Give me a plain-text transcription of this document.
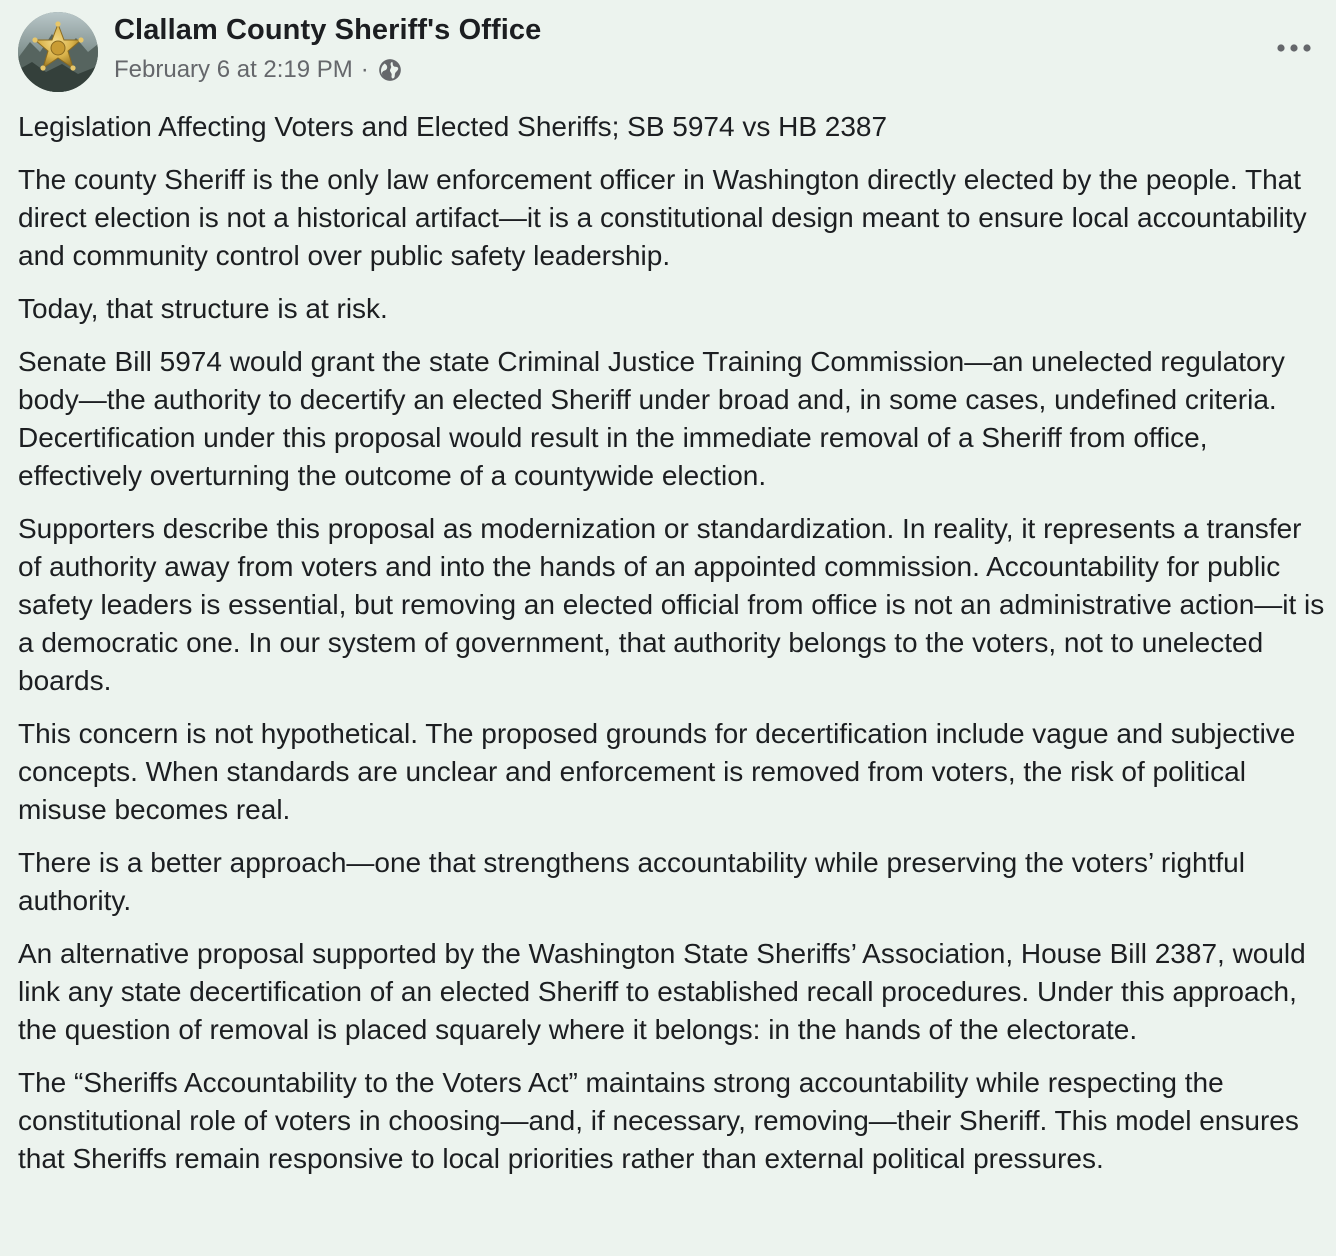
Clallam County Sheriff's Office
February 6 at 2:19 PM ·

Legislation Affecting Voters and Elected Sheriffs; SB 5974 vs HB 2387

The county Sheriff is the only law enforcement officer in Washington directly elected by the people. That direct election is not a historical artifact—it is a constitutional design meant to ensure local accountability and community control over public safety leadership.

Today, that structure is at risk.

Senate Bill 5974 would grant the state Criminal Justice Training Commission—an unelected regulatory body—the authority to decertify an elected Sheriff under broad and, in some cases, undefined criteria. Decertification under this proposal would result in the immediate removal of a Sheriff from office, effectively overturning the outcome of a countywide election.

Supporters describe this proposal as modernization or standardization. In reality, it represents a transfer of authority away from voters and into the hands of an appointed commission. Accountability for public safety leaders is essential, but removing an elected official from office is not an administrative action—it is a democratic one. In our system of government, that authority belongs to the voters, not to unelected boards.

This concern is not hypothetical. The proposed grounds for decertification include vague and subjective concepts. When standards are unclear and enforcement is removed from voters, the risk of political misuse becomes real.

There is a better approach—one that strengthens accountability while preserving the voters’ rightful authority.

An alternative proposal supported by the Washington State Sheriffs’ Association, House Bill 2387, would link any state decertification of an elected Sheriff to established recall procedures. Under this approach, the question of removal is placed squarely where it belongs: in the hands of the electorate.

The “Sheriffs Accountability to the Voters Act” maintains strong accountability while respecting the constitutional role of voters in choosing—and, if necessary, removing—their Sheriff. This model ensures that Sheriffs remain responsive to local priorities rather than external political pressures.
